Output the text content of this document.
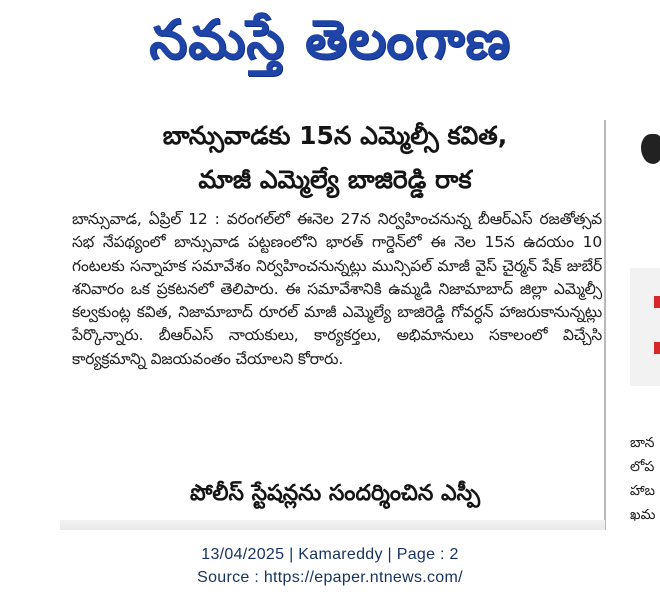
నమస్తే తెలంగాణ
బాన్సువాడకు 15న ఎమ్మెల్సీ కవిత,
మాజీ ఎమ్మెల్యే బాజిరెడ్డి రాక
బాన్సువాడ, ఏప్రిల్ 12 : వరంగల్‌లో ఈనెల 27న నిర్వహించనున్న బీఆర్ఎస్ రజతోత్సవ సభ నేపథ్యంలో బాన్సువాడ పట్టణంలోని భారత్ గార్డెన్‌లో ఈ నెల 15న ఉదయం 10 గంటలకు సన్నాహక సమావేశం నిర్వహించనున్నట్లు మున్సిపల్ మాజీ వైస్ చైర్మన్ షేక్ జుబేర్ శనివారం ఒక ప్రకటనలో తెలిపారు. ఈ సమావేశానికి ఉమ్మడి నిజామాబాద్ జిల్లా ఎమ్మెల్సీ కల్వకుంట్ల కవిత, నిజామాబాద్ రూరల్ మాజీ ఎమ్మెల్యే బాజిరెడ్డి గోవర్ధన్ హాజరుకానున్నట్లు పేర్కొన్నారు. బీఆర్ఎస్ నాయకులు, కార్యకర్తలు, అభిమానులు సకాలంలో విచ్చేసి కార్యక్రమాన్ని విజయవంతం చేయాలని కోరారు.
పోలీస్ స్టేషన్లను సందర్శించిన ఎస్పీ
బాన
లోప
హాబ
ఖమ
13/04/2025 | Kamareddy | Page : 2
Source : https://epaper.ntnews.com/
